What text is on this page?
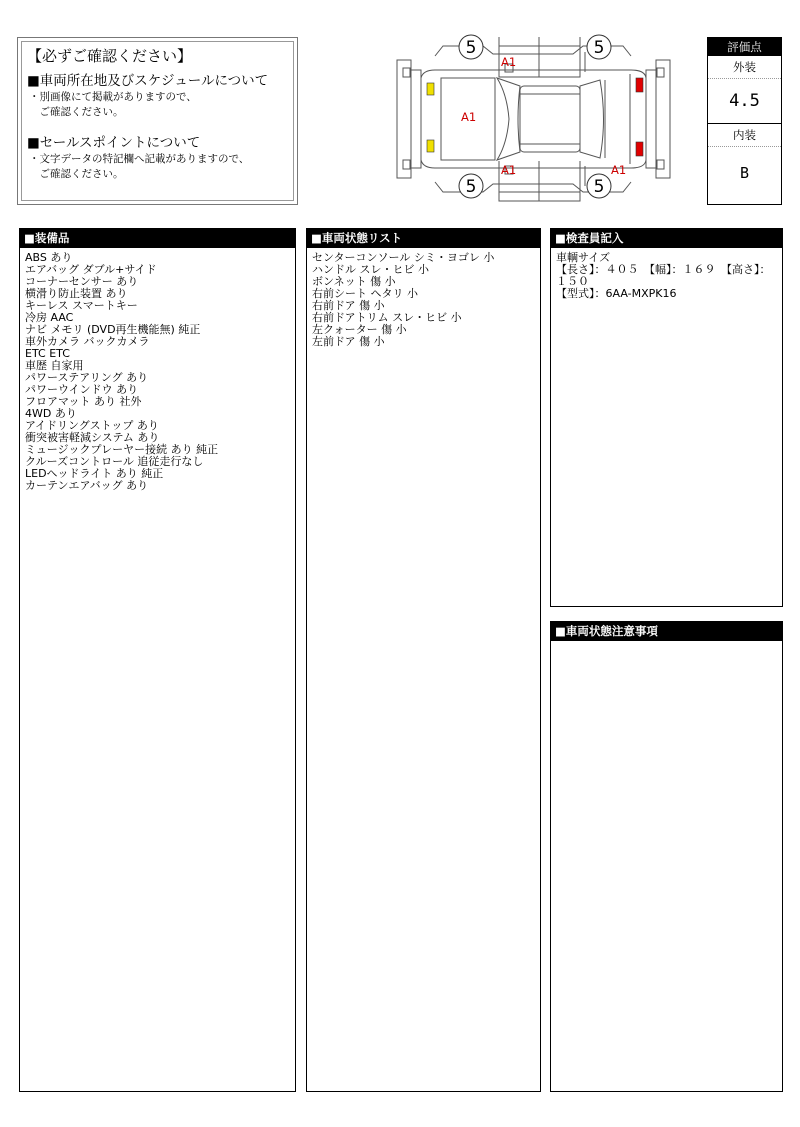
【必ずご確認ください】
■車両所在地及びスケジュールについて
・別画像にて掲載がありますので、
　ご確認ください。
■セールスポイントについて
・文字データの特記欄へ記載がありますので、
　ご確認ください。
5	5
5	5
A1
A1
A1	A1
評価点
外装
4.5
内装
B
■装備品
ABS あり
エアバッグ ダブル+サイド
コーナーセンサー あり
横滑り防止装置 あり
キーレス スマートキー
冷房 AAC
ナビ メモリ (DVD再生機能無) 純正
車外カメラ バックカメラ
ETC ETC
車歴 自家用
パワーステアリング あり
パワーウインドウ あり
フロアマット あり 社外
4WD あり
アイドリングストップ あり
衝突被害軽減システム あり
ミュージックプレーヤー接続 あり 純正
クルーズコントロール 追従走行なし
LEDヘッドライト あり 純正
カーテンエアバッグ あり
■車両状態リスト
センターコンソール シミ・ヨゴレ 小
ハンドル スレ・ヒビ 小
ボンネット 傷 小
右前シート ヘタリ 小
右前ドア 傷 小
右前ドアトリム スレ・ヒビ 小
左クォーター 傷 小
左前ドア 傷 小
■検査員記入
車輌サイズ
【長さ】：４０５　【幅】：１６９　【高さ】：１５０
【型式】：6AA-MXPK16
■車両状態注意事項
